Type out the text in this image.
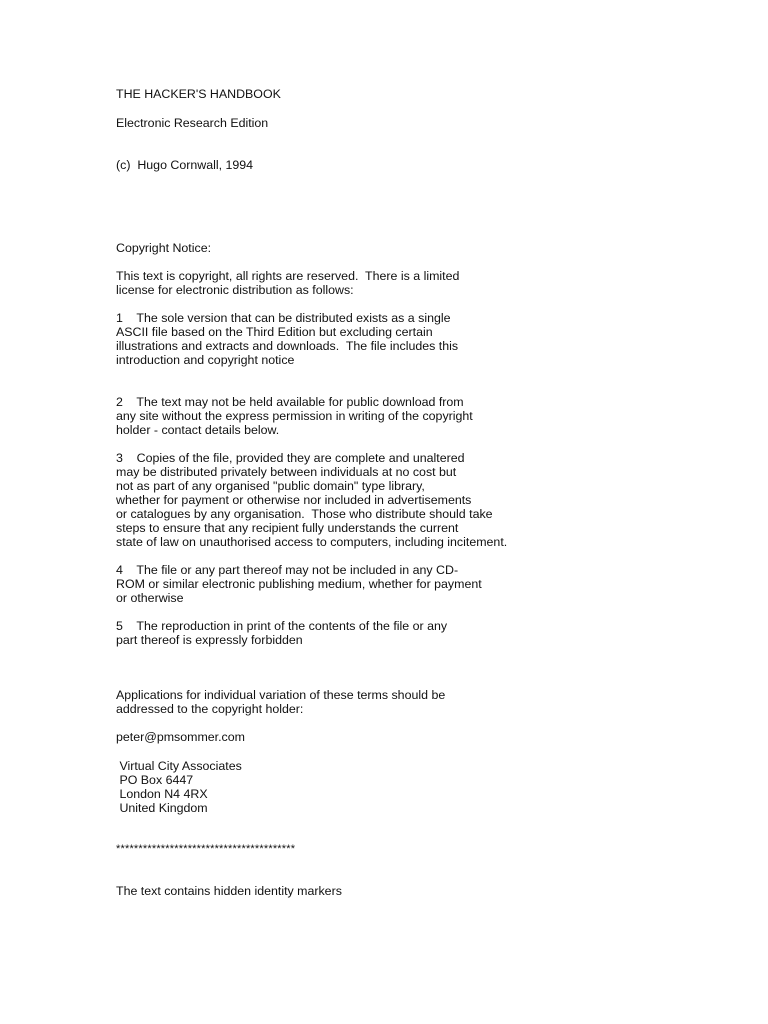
THE HACKER'S HANDBOOK

Electronic Research Edition

(c)  Hugo Cornwall, 1994

Copyright Notice:

This text is copyright, all rights are reserved.  There is a limited

license for electronic distribution as follows:

1    The sole version that can be distributed exists as a single

ASCII file based on the Third Edition but excluding certain

illustrations and extracts and downloads.  The file includes this

introduction and copyright notice

2    The text may not be held available for public download from

any site without the express permission in writing of the copyright

holder - contact details below.

3    Copies of the file, provided they are complete and unaltered

may be distributed privately between individuals at no cost but

not as part of any organised "public domain" type library,

whether for payment or otherwise nor included in advertisements

or catalogues by any organisation.  Those who distribute should take

steps to ensure that any recipient fully understands the current

state of law on unauthorised access to computers, including incitement.

4    The file or any part thereof may not be included in any CD-

ROM or similar electronic publishing medium, whether for payment

or otherwise

5    The reproduction in print of the contents of the file or any

part thereof is expressly forbidden

Applications for individual variation of these terms should be

addressed to the copyright holder:

peter@pmsommer.com

Virtual City Associates

PO Box 6447

London N4 4RX

United Kingdom

****************************************

The text contains hidden identity markers
